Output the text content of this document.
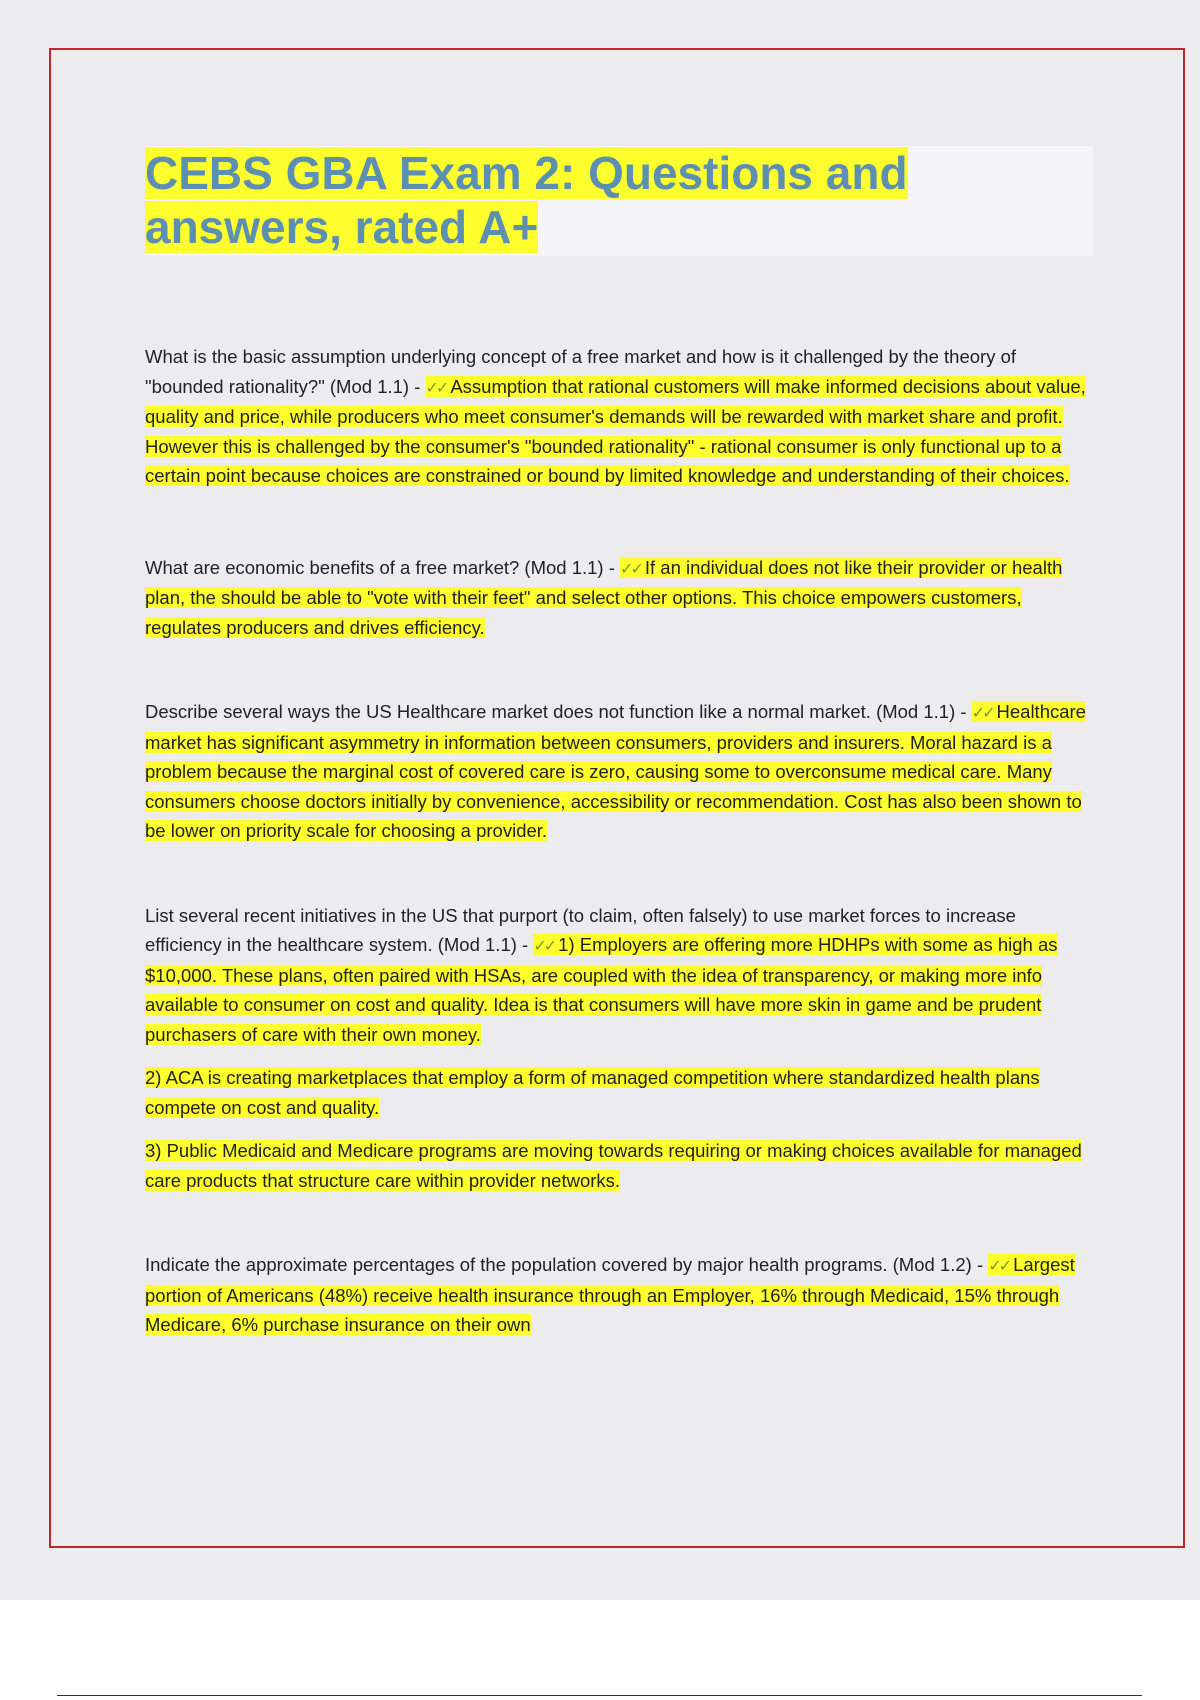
CEBS GBA Exam 2: Questions and answers, rated A+

What is the basic assumption underlying concept of a free market and how is it challenged by the theory of "bounded rationality?" (Mod 1.1) - ✓✓ Assumption that rational customers will make informed decisions about value, quality and price, while producers who meet consumer's demands will be rewarded with market share and profit. However this is challenged by the consumer's "bounded rationality" - rational consumer is only functional up to a certain point because choices are constrained or bound by limited knowledge and understanding of their choices.

What are economic benefits of a free market? (Mod 1.1) - ✓✓ If an individual does not like their provider or health plan, the should be able to "vote with their feet" and select other options. This choice empowers customers, regulates producers and drives efficiency.

Describe several ways the US Healthcare market does not function like a normal market. (Mod 1.1) - ✓✓ Healthcare market has significant asymmetry in information between consumers, providers and insurers. Moral hazard is a problem because the marginal cost of covered care is zero, causing some to overconsume medical care. Many consumers choose doctors initially by convenience, accessibility or recommendation. Cost has also been shown to be lower on priority scale for choosing a provider.

List several recent initiatives in the US that purport (to claim, often falsely) to use market forces to increase efficiency in the healthcare system. (Mod 1.1) - ✓✓ 1) Employers are offering more HDHPs with some as high as $10,000. These plans, often paired with HSAs, are coupled with the idea of transparency, or making more info available to consumer on cost and quality. Idea is that consumers will have more skin in game and be prudent purchasers of care with their own money.

2) ACA is creating marketplaces that employ a form of managed competition where standardized health plans compete on cost and quality.

3) Public Medicaid and Medicare programs are moving towards requiring or making choices available for managed care products that structure care within provider networks.

Indicate the approximate percentages of the population covered by major health programs. (Mod 1.2) - ✓✓ Largest portion of Americans (48%) receive health insurance through an Employer, 16% through Medicaid, 15% through Medicare, 6% purchase insurance on their own
